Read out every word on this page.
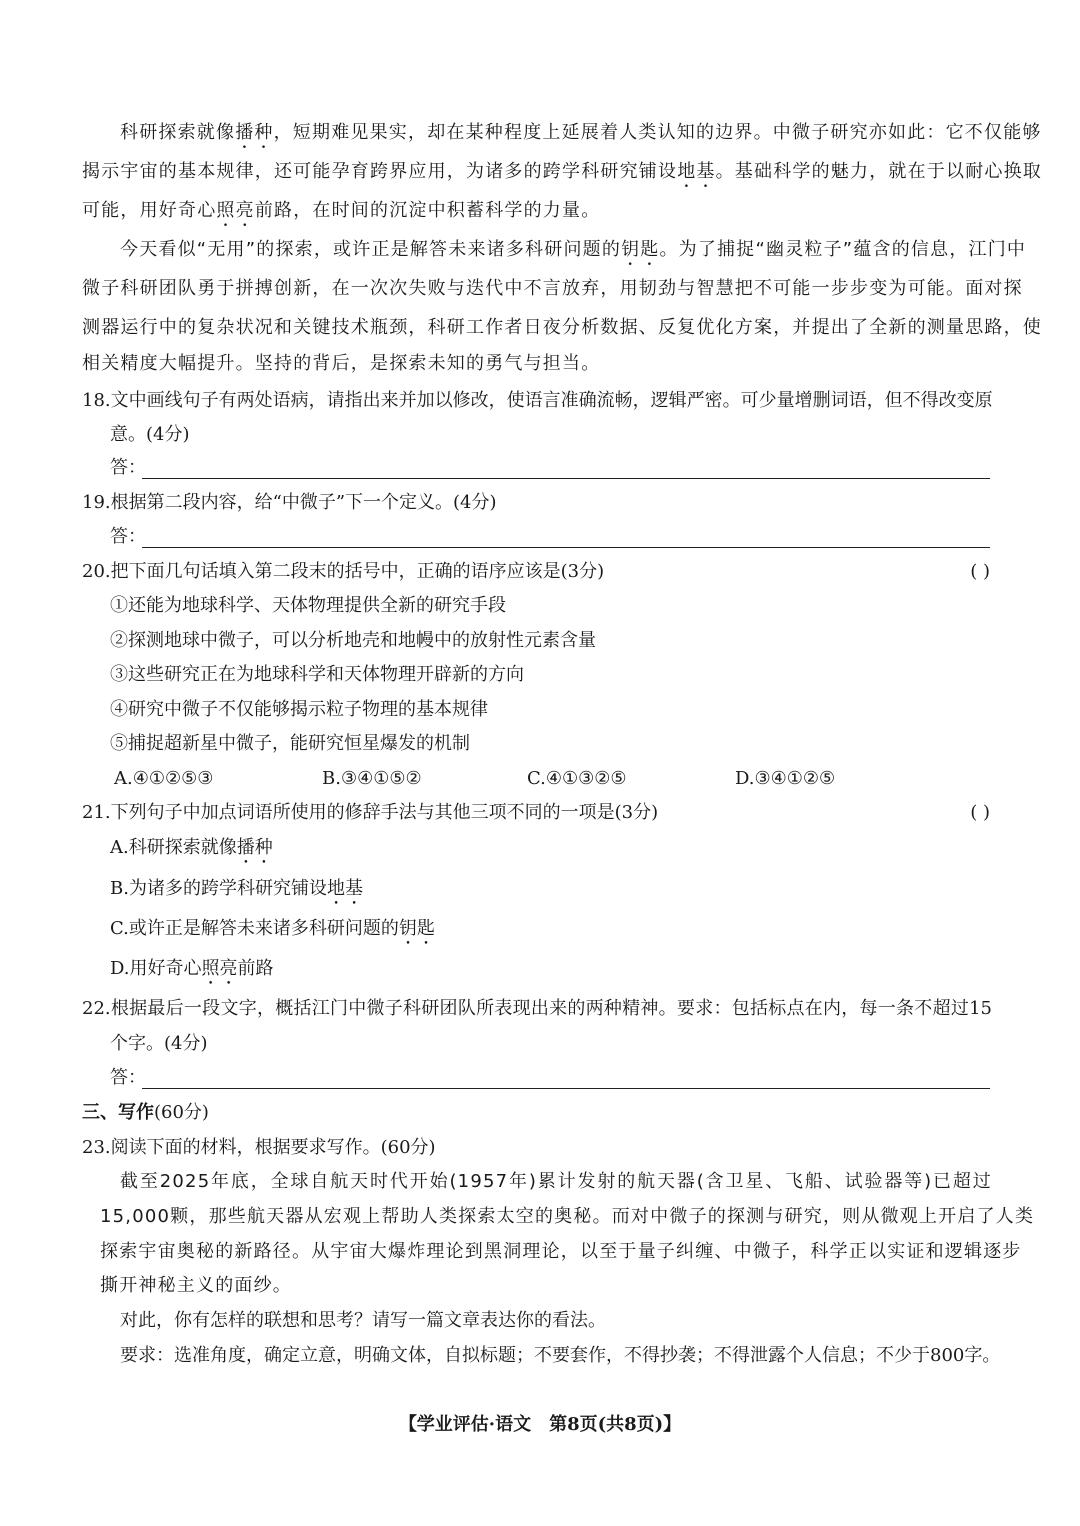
科研探索就像播种，短期难见果实，却在某种程度上延展着人类认知的边界。中微子研究亦如此：它不仅能够
揭示宇宙的基本规律，还可能孕育跨界应用，为诸多的跨学科研究铺设地基。基础科学的魅力，就在于以耐心换取
可能，用好奇心照亮前路，在时间的沉淀中积蓄科学的力量。
今天看似“无用”的探索，或许正是解答未来诸多科研问题的钥匙。为了捕捉“幽灵粒子”蕴含的信息，江门中
微子科研团队勇于拼搏创新，在一次次失败与迭代中不言放弃，用韧劲与智慧把不可能一步步变为可能。面对探
测器运行中的复杂状况和关键技术瓶颈，科研工作者日夜分析数据、反复优化方案，并提出了全新的测量思路，使
相关精度大幅提升。坚持的背后，是探索未知的勇气与担当。
18.文中画线句子有两处语病，请指出来并加以修改，使语言准确流畅，逻辑严密。可少量增删词语，但不得改变原
意。(4分)
答：
19.根据第二段内容，给“中微子”下一个定义。(4分)
答：
20.把下面几句话填入第二段末的括号中，正确的语序应该是(3分)	( )
①还能为地球科学、天体物理提供全新的研究手段
②探测地球中微子，可以分析地壳和地幔中的放射性元素含量
③这些研究正在为地球科学和天体物理开辟新的方向
④研究中微子不仅能够揭示粒子物理的基本规律
⑤捕捉超新星中微子，能研究恒星爆发的机制
A.④①②⑤③	B.③④①⑤②	C.④①③②⑤	D.③④①②⑤
21.下列句子中加点词语所使用的修辞手法与其他三项不同的一项是(3分)	( )
A.科研探索就像播种
B.为诸多的跨学科研究铺设地基
C.或许正是解答未来诸多科研问题的钥匙
D.用好奇心照亮前路
22.根据最后一段文字，概括江门中微子科研团队所表现出来的两种精神。要求：包括标点在内，每一条不超过15
个字。(4分)
答：
三、写作(60分)
23.阅读下面的材料，根据要求写作。(60分)
截至2025年底，全球自航天时代开始(1957年)累计发射的航天器(含卫星、飞船、试验器等)已超过
15,000颗，那些航天器从宏观上帮助人类探索太空的奥秘。而对中微子的探测与研究，则从微观上开启了人类
探索宇宙奥秘的新路径。从宇宙大爆炸理论到黑洞理论，以至于量子纠缠、中微子，科学正以实证和逻辑逐步
撕开神秘主义的面纱。
对此，你有怎样的联想和思考？请写一篇文章表达你的看法。
要求：选准角度，确定立意，明确文体，自拟标题；不要套作，不得抄袭；不得泄露个人信息；不少于800字。
【学业评估·语文　第8页(共8页)】
